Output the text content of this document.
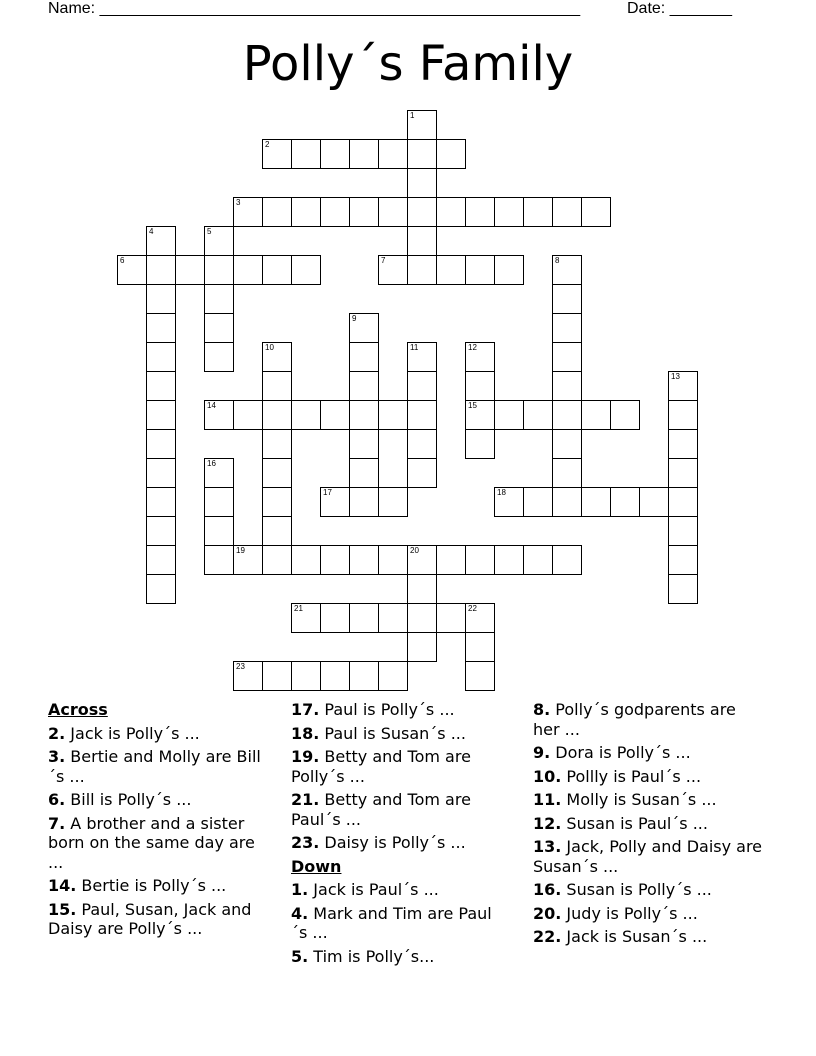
Name: ______________________________________________________	Date: _______
Polly´s Family
1
2
3
4	5
6	7	8
9
10	11	12
15
13
14
16
17	18
19	20
21	22
23
Across
2. Jack is Polly´s ...
3. Bertie and Molly are Bill´s ...
6. Bill is Polly´s ...
7. A brother and a sister born on the same day are ...
14. Bertie is Polly´s ...
15. Paul, Susan, Jack and Daisy are Polly´s ...
17. Paul is Polly´s ...
18. Paul is Susan´s ...
19. Betty and Tom are Polly´s ...
21. Betty and Tom are Paul´s ...
23. Daisy is Polly´s ...
Down
1. Jack is Paul´s ...
4. Mark and Tim are Paul´s ...
5. Tim is Polly´s...
8. Polly´s godparents are her ...
9. Dora is Polly´s ...
10. Pollly is Paul´s ...
11. Molly is Susan´s ...
12. Susan is Paul´s ...
13. Jack, Polly and Daisy are Susan´s ...
16. Susan is Polly´s ...
20. Judy is Polly´s ...
22. Jack is Susan´s ...
